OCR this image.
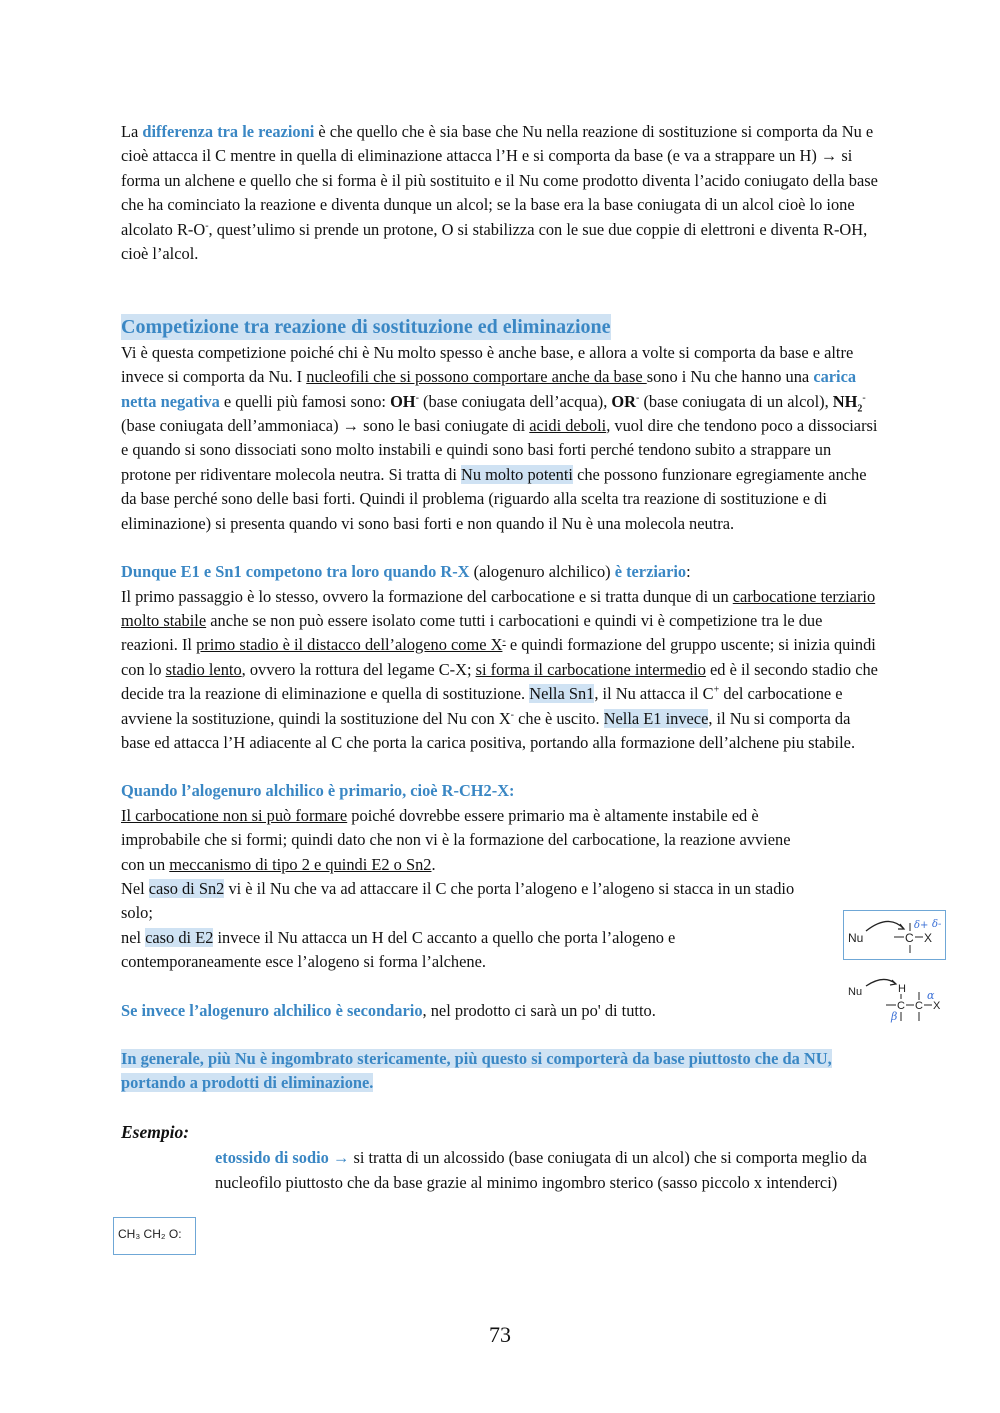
La differenza tra le reazioni è che quello che è sia base che Nu nella reazione di sostituzione si comporta da Nu e cioè attacca il C mentre in quella di eliminazione attacca l’H e si comporta da base (e va a strappare un H) → si forma un alchene e quello che si forma è il più sostituito e il Nu come prodotto diventa l’acido coniugato della base che ha cominciato la reazione e diventa dunque un alcol; se la base era la base coniugata di un alcol cioè lo ione alcolato R-O-, quest’ulimo si prende un protone, O si stabilizza con le sue due coppie di elettroni e diventa R-OH, cioè l’alcol.

Competizione tra reazione di sostituzione ed eliminazione

Vi è questa competizione poiché chi è Nu molto spesso è anche base, e allora a volte si comporta da base e altre invece si comporta da Nu. I nucleofili che si possono comportare anche da base sono i Nu che hanno una carica netta negativa e quelli più famosi sono: OH- (base coniugata dell’acqua), OR- (base coniugata di un alcol), $NH_2^-$ (base coniugata dell’ammoniaca) → sono le basi coniugate di acidi deboli, vuol dire che tendono poco a dissociarsi e quando si sono dissociati sono molto instabili e quindi sono basi forti perché tendono subito a strappare un protone per ridiventare molecola neutra. Si tratta di Nu molto potenti che possono funzionare egregiamente anche da base perché sono delle basi forti. Quindi il problema (riguardo alla scelta tra reazione di sostituzione e di eliminazione) si presenta quando vi sono basi forti e non quando il Nu è una molecola neutra.

Dunque E1 e Sn1 competono tra loro quando R-X (alogenuro alchilico) è terziario:

Il primo passaggio è lo stesso, ovvero la formazione del carbocatione e si tratta dunque di un carbocatione terziario molto stabile anche se non può essere isolato come tutti i carbocationi e quindi vi è competizione tra le due reazioni. Il primo stadio è il distacco dell’alogeno come X- e quindi formazione del gruppo uscente; si inizia quindi con lo stadio lento, ovvero la rottura del legame C-X; si forma il carbocatione intermedio ed è il secondo stadio che decide tra la reazione di eliminazione e quella di sostituzione. Nella Sn1, il Nu attacca il C+ del carbocatione e avviene la sostituzione, quindi la sostituzione del Nu con X- che è uscito. Nella E1 invece, il Nu si comporta da base ed attacca l’H adiacente al C che porta la carica positiva, portando alla formazione dell’alchene piu stabile.

Quando l’alogenuro alchilico è primario, cioè R-CH2-X:

Il carbocatione non si può formare poiché dovrebbe essere primario ma è altamente instabile ed è improbabile che si formi; quindi dato che non vi è la formazione del carbocatione, la reazione avviene con un meccanismo di tipo 2 e quindi E2 o Sn2.

Nel caso di Sn2 vi è il Nu che va ad attaccare il C che porta l’alogeno e l’alogeno si stacca in un stadio solo;

nel caso di E2 invece il Nu attacca un H del C accanto a quello che porta l’alogeno e contemporaneamente esce l’alogeno si forma l’alchene.

Se invece l’alogenuro alchilico è secondario, nel prodotto ci sarà un po' di tutto.

In generale, più Nu è ingombrato stericamente, più questo si comporterà da base piuttosto che da NU, portando a prodotti di eliminazione.

Esempio:

etossido di sodio → si tratta di un alcossido (base coniugata di un alcol) che si comporta meglio da nucleofilo piuttosto che da base grazie al minimo ingombro sterico (sasso piccolo x intenderci)
Nu	C X
δ+ δ-
Nu	H
C C X
α
β
CH₃ CH₂ O:
73
